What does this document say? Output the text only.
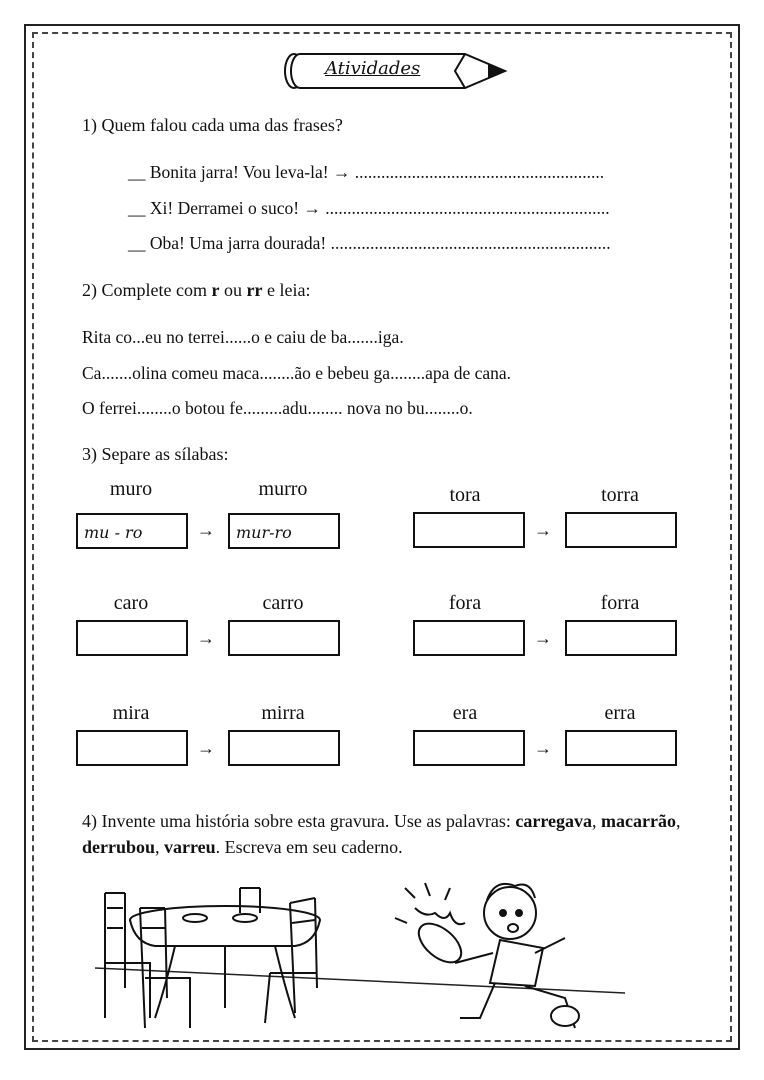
Atividades
1) Quem falou cada uma das frases?
__ Bonita jarra! Vou leva-la! → .........................................................
__ Xi! Derramei o suco! → .................................................................
__ Oba! Uma jarra dourada! ................................................................
2) Complete com r ou rr e leia:
Rita co...eu no terrei......o e caiu de ba.......iga.
Ca.......olina comeu maca........ão e bebeu ga........apa de cana.
O ferrei........o botou fe.........adu........ nova no bu........o.
3) Separe as sílabas:
muro	murro
mu - ro	→ mur-ro
tora	torra
→
caro	carro
→
fora	forra
→
mira	mirra
→
era	erra
→
4) Invente uma história sobre esta gravura. Use as palavras: carregava, macarrão, derrubou, varreu. Escreva em seu caderno.
